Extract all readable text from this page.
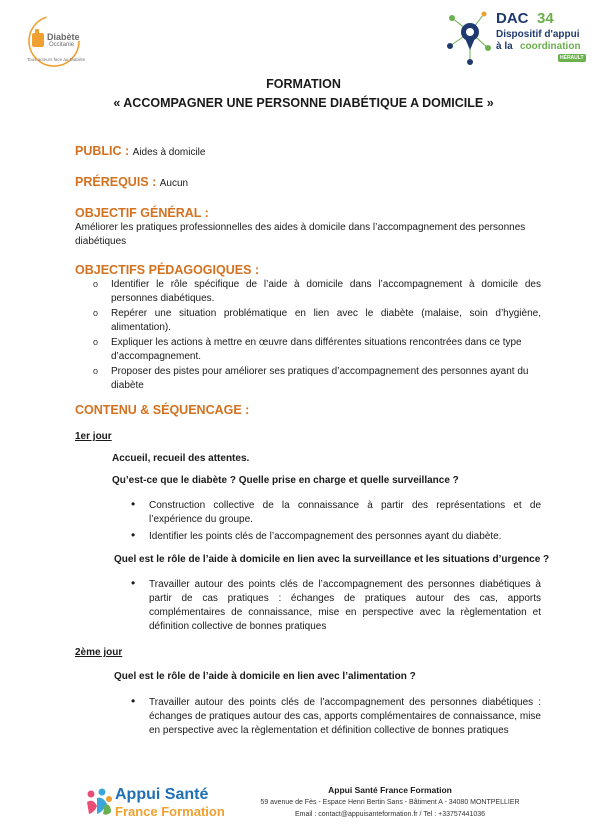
Diabète
Occitanie
Tous acteurs face au Diabète
DAC 34
Dispositif d'appui
à la coordination
HÉRAULT
FORMATION
« ACCOMPAGNER UNE PERSONNE DIABÉTIQUE A DOMICILE »
PUBLIC : Aides à domicile
PRÉREQUIS : Aucun
OBJECTIF GÉNÉRAL :
Améliorer les pratiques professionnelles des aides à domicile dans l’accompagnement des personnes diabétiques
OBJECTIFS PÉDAGOGIQUES :
o Identifier le rôle spécifique de l’aide à domicile dans l’accompagnement à domicile des personnes diabétiques.
o Repérer une situation problématique en lien avec le diabète (malaise, soin d’hygiène, alimentation).
o Expliquer les actions à mettre en œuvre dans différentes situations rencontrées dans ce type d’accompagnement.
o Proposer des pistes pour améliorer ses pratiques d’accompagnement des personnes ayant du diabète
CONTENU & SÉQUENCAGE :
1er jour
Accueil, recueil des attentes.
Qu’est-ce que le diabète ? Quelle prise en charge et quelle surveillance ?
• Construction collective de la connaissance à partir des représentations et de l’expérience du groupe.
• Identifier les points clés de l’accompagnement des personnes ayant du diabète.
Quel est le rôle de l’aide à domicile en lien avec la surveillance et les situations d’urgence ?
• Travailler autour des points clés de l’accompagnement des personnes diabétiques à partir de cas pratiques : échanges de pratiques autour des cas, apports complémentaires de connaissance, mise en perspective avec la règlementation et définition collective de bonnes pratiques
2ème jour
Quel est le rôle de l’aide à domicile en lien avec l’alimentation ?
• Travailler autour des points clés de l’accompagnement des personnes diabétiques : échanges de pratiques autour des cas, apports complémentaires de connaissance, mise en perspective avec la règlementation et définition collective de bonnes pratiques
Appui Santé
France Formation
Appui Santé France Formation
59 avenue de Fès - Espace Henri Bertin Sans - Bâtiment A - 34080 MONTPELLIER
Email : contact@appuisanteformation.fr / Tel : +33757441036
